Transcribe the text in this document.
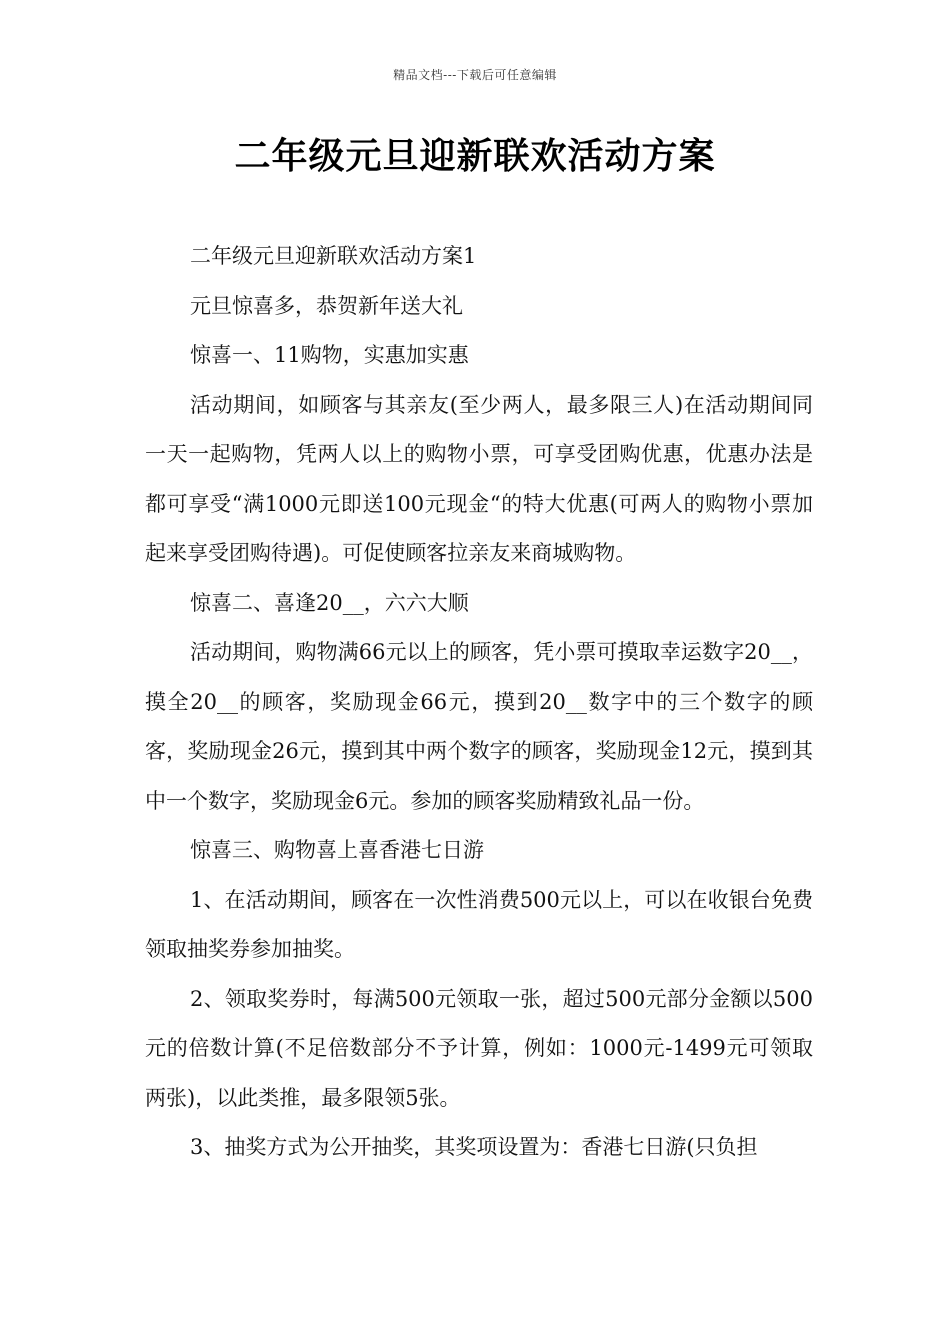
精品文档---下载后可任意编辑
二年级元旦迎新联欢活动方案

二年级元旦迎新联欢活动方案1

元旦惊喜多，恭贺新年送大礼

惊喜一、11购物，实惠加实惠

活动期间，如顾客与其亲友(至少两人，最多限三人)在活动期间同一天一起购物，凭两人以上的购物小票，可享受团购优惠，优惠办法是都可享受“满1000元即送100元现金“的特大优惠(可两人的购物小票加起来享受团购待遇)。可促使顾客拉亲友来商城购物。

惊喜二、喜逢20__，六六大顺

活动期间，购物满66元以上的顾客，凭小票可摸取幸运数字20__，摸全20__的顾客，奖励现金66元，摸到20__数字中的三个数字的顾客，奖励现金26元，摸到其中两个数字的顾客，奖励现金12元，摸到其中一个数字，奖励现金6元。参加的顾客奖励精致礼品一份。

惊喜三、购物喜上喜香港七日游

1、在活动期间，顾客在一次性消费500元以上，可以在收银台免费领取抽奖券参加抽奖。

2、领取奖券时，每满500元领取一张，超过500元部分金额以500元的倍数计算(不足倍数部分不予计算，例如：1000元-1499元可领取两张)，以此类推，最多限领5张。

3、抽奖方式为公开抽奖，其奖项设置为：香港七日游(只负担
